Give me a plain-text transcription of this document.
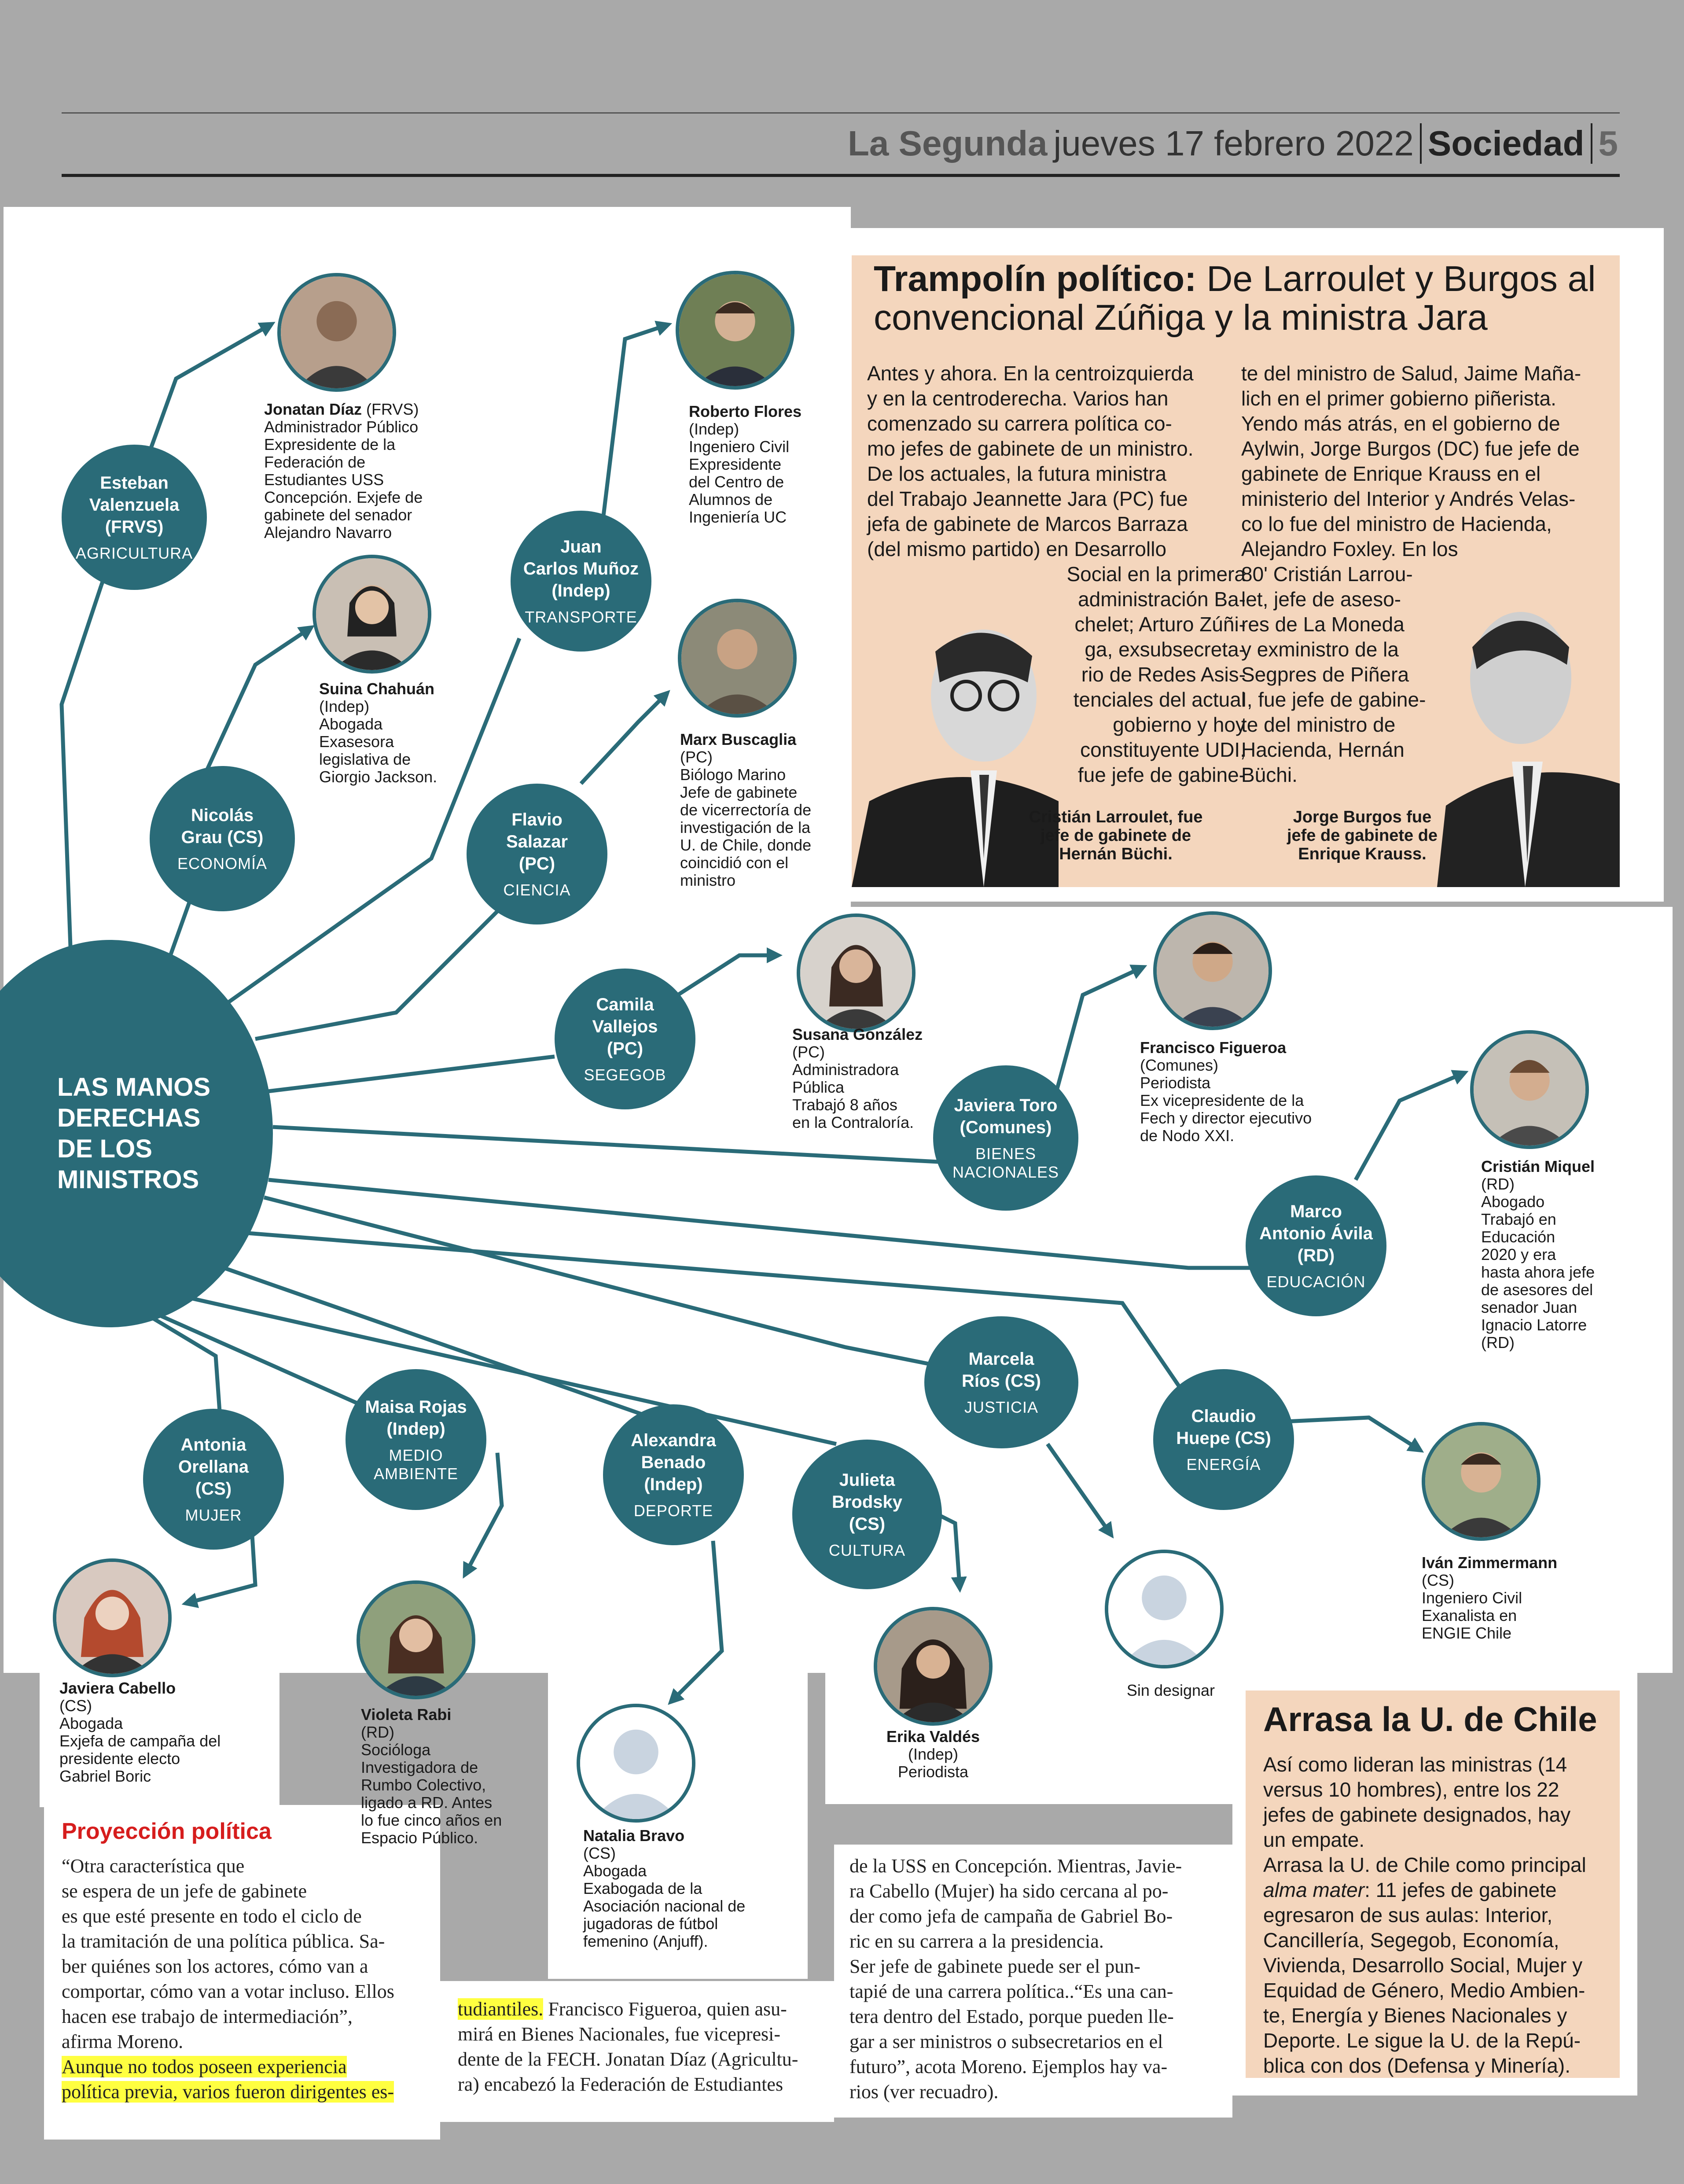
La Segunda jueves 17 febrero 2022 Sociedad 5
LAS MANOS DERECHAS DE LOS MINISTROS
Esteban
Valenzuela
(FRVS)
AGRICULTURA
Nicolás
Grau (CS)
ECONOMÍA
Juan
Carlos Muñoz
(Indep)
TRANSPORTE
Flavio
Salazar
(PC)
CIENCIA
Camila
Vallejos
(PC)
SEGEGOB
Javiera Toro
(Comunes)
BIENES NACIONALES
Marco
Antonio Ávila
(RD)
EDUCACIÓN
Marcela
Ríos (CS)
JUSTICIA	Claudio
Huepe (CS)
ENERGÍA
Antonia
Orellana
(CS)
MUJER
Maisa Rojas
(Indep)
MEDIO AMBIENTE
Alexandra
Benado
(Indep)
DEPORTE
Julieta
Brodsky
(CS)
CULTURA
Jonatan Díaz (FRVS)
Administrador Público
Expresidente de la
Federación de
Estudiantes USS
Concepción. Exjefe de
gabinete del senador
Alejandro Navarro
Suina Chahuán
(Indep)
Abogada
Exasesora
legislativa de
Giorgio Jackson.
Roberto Flores
(Indep)
Ingeniero Civil
Expresidente
del Centro de
Alumnos de
Ingeniería UC
Marx Buscaglia
(PC)
Biólogo Marino
Jefe de gabinete
de vicerrectoría de
investigación de la
U. de Chile, donde
coincidió con el
ministro
Susana González
(PC)
Administradora
Pública
Trabajó 8 años
en la Contraloría.
Francisco Figueroa
(Comunes)
Periodista
Ex vicepresidente de la
Fech y director ejecutivo
de Nodo XXI.
Cristián Miquel
(RD)
Abogado
Trabajó en
Educación
2020 y era
hasta ahora jefe
de asesores del
senador Juan
Ignacio Latorre
(RD)
Iván Zimmermann
(CS)
Ingeniero Civil
Exanalista en
ENGIE Chile
Javiera Cabello
(CS)
Abogada
Exjefa de campaña del
presidente electo
Gabriel Boric
Violeta Rabi
(RD)
Socióloga
Investigadora de
Rumbo Colectivo,
ligado a RD. Antes
lo fue cinco años en
Espacio Público.	Natalia Bravo
(CS)
Abogada
Exabogada de la
Asociación nacional de
jugadoras de fútbol
femenino (Anjuff).
Erika Valdés
(Indep)
Periodista
Sin designar
Trampolín político: De Larroulet y Burgos al convencional Zúñiga y la ministra Jara
Antes y ahora. En la centroizquierda
y en la centroderecha. Varios han
comenzado su carrera política co-
mo jefes de gabinete de un ministro.
De los actuales, la futura ministra
del Trabajo Jeannette Jara (PC) fue
jefa de gabinete de Marcos Barraza
(del mismo partido) en Desarrollo
Social en la primera
administración Ba-
chelet; Arturo Zúñi-
ga, exsubsecreta-
rio de Redes Asis-
tenciales del actual
gobierno y hoy
constituyente UDI,
fue jefe de gabine-
te del ministro de Salud, Jaime Maña-
lich en el primer gobierno piñerista.
Yendo más atrás, en el gobierno de
Aylwin, Jorge Burgos (DC) fue jefe de
gabinete de Enrique Krauss en el
ministerio del Interior y Andrés Velas-
co lo fue del ministro de Hacienda,
Alejandro Foxley. En los
80' Cristián Larrou-
let, jefe de aseso-
res de La Moneda
y exministro de la
Segpres de Piñera
I, fue jefe de gabine-
te del ministro de
Hacienda, Hernán
Büchi.
Cristián Larroulet, fue
jefe de gabinete de
Hernán Büchi.
Jorge Burgos fue
jefe de gabinete de
Enrique Krauss.
Proyección política
“Otra característica que
se espera de un jefe de gabinete
es que esté presente en todo el ciclo de
la tramitación de una política pública. Sa-
ber quiénes son los actores, cómo van a
comportar, cómo van a votar incluso. Ellos
hacen ese trabajo de intermediación”,
afirma Moreno.
Aunque no todos poseen experiencia
política previa, varios fueron dirigentes es-
tudiantiles. Francisco Figueroa, quien asu-
mirá en Bienes Nacionales, fue vicepresi-
dente de la FECH. Jonatan Díaz (Agricultu-
ra) encabezó la Federación de Estudiantes
de la USS en Concepción. Mientras, Javie-
ra Cabello (Mujer) ha sido cercana al po-
der como jefa de campaña de Gabriel Bo-
ric en su carrera a la presidencia.
Ser jefe de gabinete puede ser el pun-
tapié de una carrera política..“Es una can-
tera dentro del Estado, porque pueden lle-
gar a ser ministros o subsecretarios en el
futuro”, acota Moreno. Ejemplos hay va-
rios (ver recuadro).
Arrasa la U. de Chile
Así como lideran las ministras (14
versus 10 hombres), entre los 22
jefes de gabinete designados, hay
un empate.
Arrasa la U. de Chile como principal
alma mater: 11 jefes de gabinete
egresaron de sus aulas: Interior,
Cancillería, Segegob, Economía,
Vivienda, Desarrollo Social, Mujer y
Equidad de Género, Medio Ambien-
te, Energía y Bienes Nacionales y
Deporte. Le sigue la U. de la Repú-
blica con dos (Defensa y Minería).
